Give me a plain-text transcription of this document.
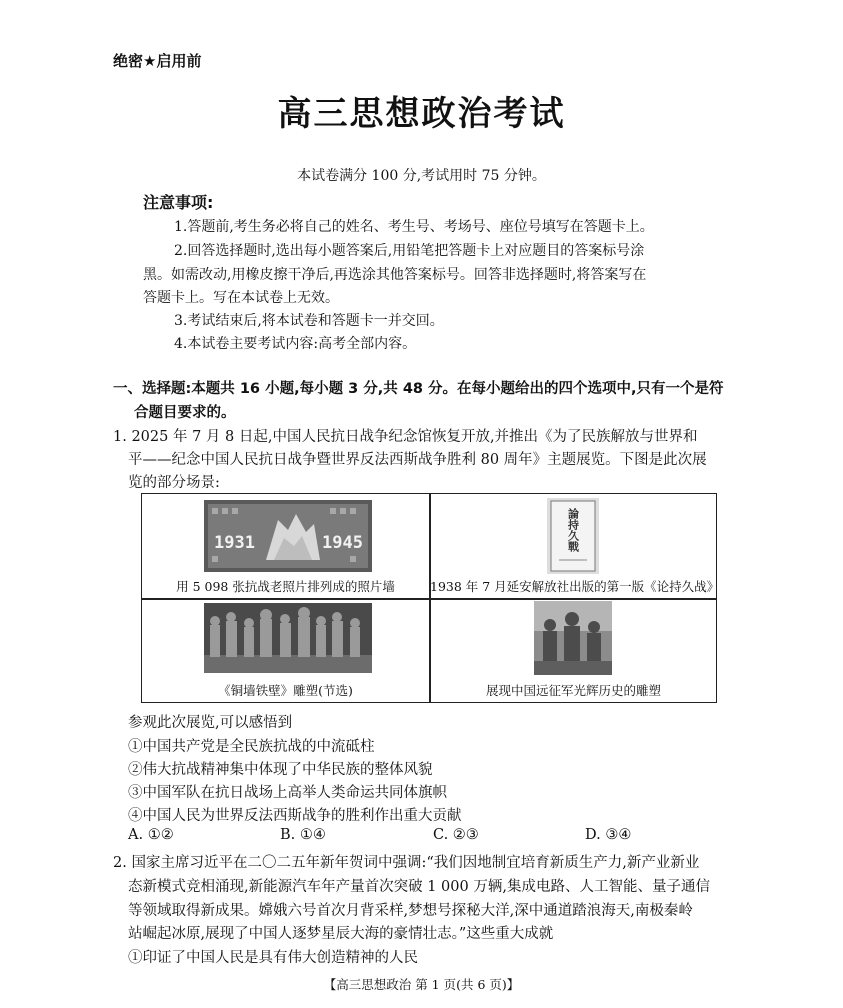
绝密★启用前
高三思想政治考试
本试卷满分 100 分,考试用时 75 分钟。
注意事项:
1.答题前,考生务必将自己的姓名、考生号、考场号、座位号填写在答题卡上。
2.回答选择题时,选出每小题答案后,用铅笔把答题卡上对应题目的答案标号涂
黑。如需改动,用橡皮擦干净后,再选涂其他答案标号。回答非选择题时,将答案写在
答题卡上。写在本试卷上无效。
3.考试结束后,将本试卷和答题卡一并交回。
4.本试卷主要考试内容:高考全部内容。
一、选择题:本题共 16 小题,每小题 3 分,共 48 分。在每小题给出的四个选项中,只有一个是符
合题目要求的。
1. 2025 年 7 月 8 日起,中国人民抗日战争纪念馆恢复开放,并推出《为了民族解放与世界和
平——纪念中国人民抗日战争暨世界反法西斯战争胜利 80 周年》主题展览。下图是此次展
览的部分场景:
1931	1945
用 5 098 张抗战老照片排列成的照片墙
論持久戰
1938 年 7 月延安解放社出版的第一版《论持久战》
《铜墙铁壁》雕塑(节选)	展现中国远征军光辉历史的雕塑
参观此次展览,可以感悟到
①中国共产党是全民族抗战的中流砥柱
②伟大抗战精神集中体现了中华民族的整体风貌
③中国军队在抗日战场上高举人类命运共同体旗帜
④中国人民为世界反法西斯战争的胜利作出重大贡献
A. ①②	B. ①④	C. ②③	D. ③④
2. 国家主席习近平在二〇二五年新年贺词中强调:“我们因地制宜培育新质生产力,新产业新业
态新模式竞相涌现,新能源汽车年产量首次突破 1 000 万辆,集成电路、人工智能、量子通信
等领域取得新成果。嫦娥六号首次月背采样,梦想号探秘大洋,深中通道踏浪海天,南极秦岭
站崛起冰原,展现了中国人逐梦星辰大海的豪情壮志。”这些重大成就
①印证了中国人民是具有伟大创造精神的人民
【高三思想政治 第 1 页(共 6 页)】
